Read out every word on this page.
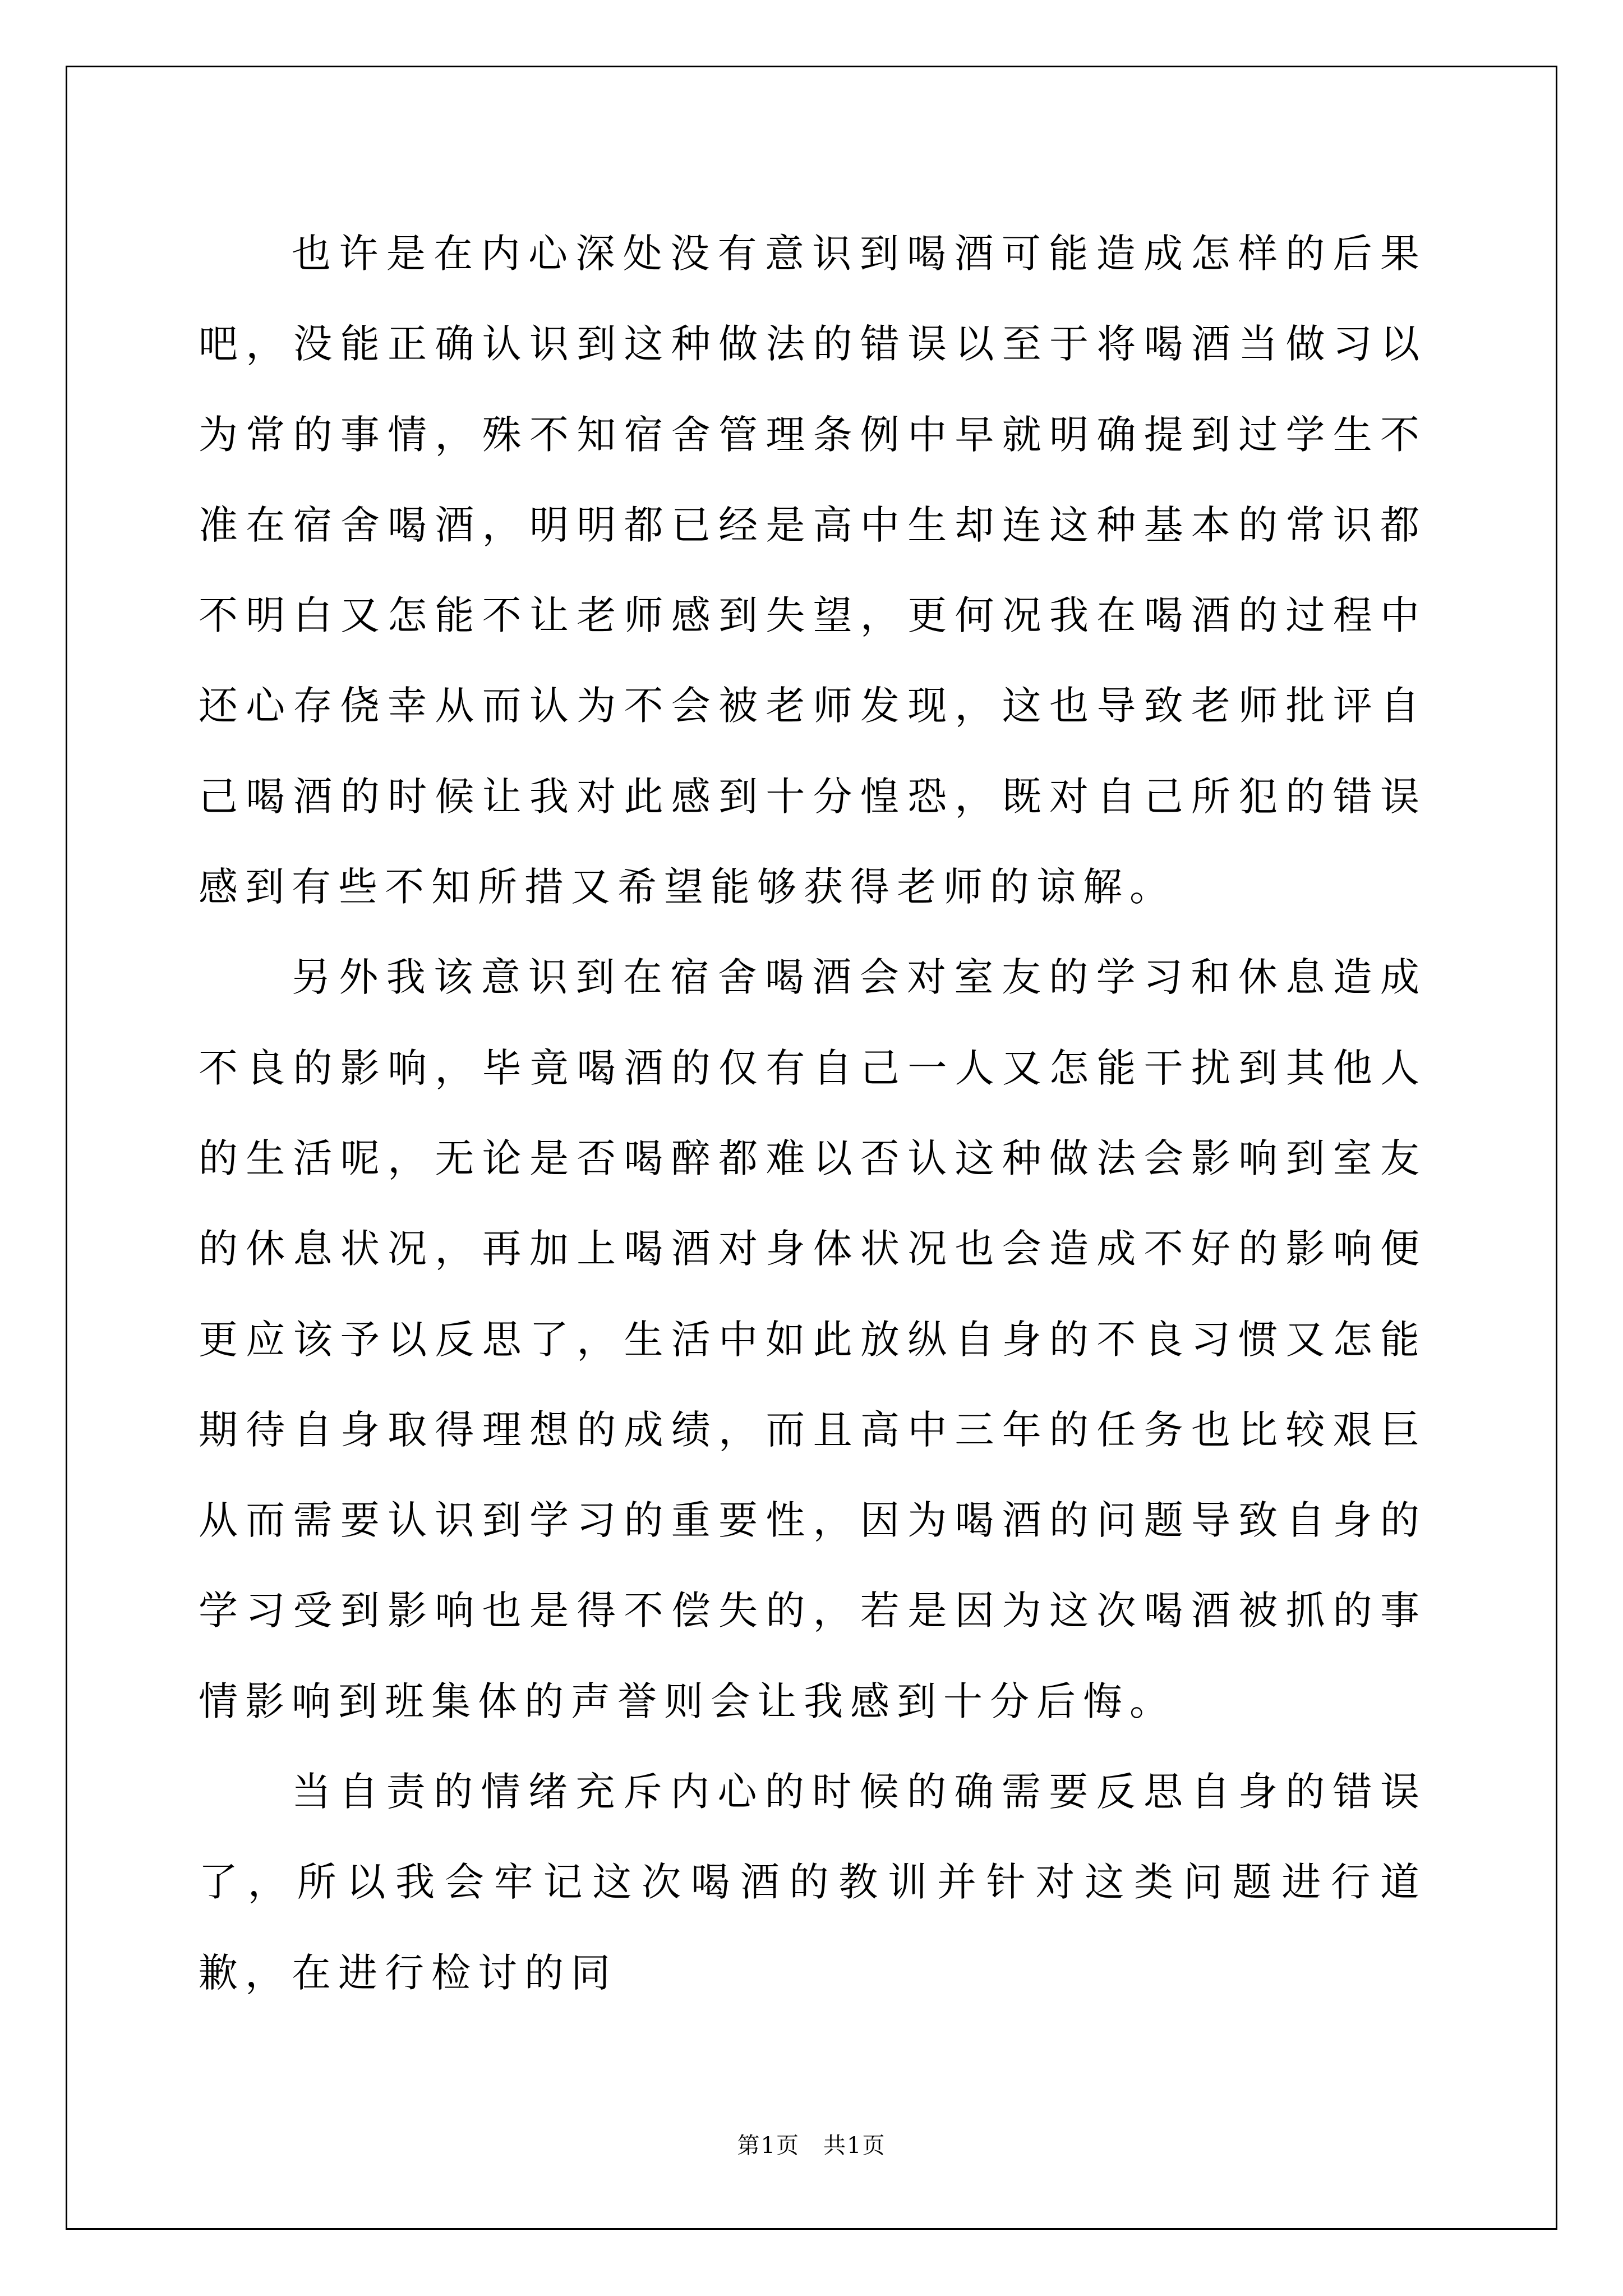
也许是在内心深处没有意识到喝酒可能造成怎样的后果吧，没能正确认识到这种做法的错误以至于将喝酒当做习以为常的事情，殊不知宿舍管理条例中早就明确提到过学生不准在宿舍喝酒，明明都已经是高中生却连这种基本的常识都不明白又怎能不让老师感到失望，更何况我在喝酒的过程中还心存侥幸从而认为不会被老师发现，这也导致老师批评自己喝酒的时候让我对此感到十分惶恐，既对自己所犯的错误感到有些不知所措又希望能够获得老师的谅解。

另外我该意识到在宿舍喝酒会对室友的学习和休息造成不良的影响，毕竟喝酒的仅有自己一人又怎能干扰到其他人的生活呢，无论是否喝醉都难以否认这种做法会影响到室友的休息状况，再加上喝酒对身体状况也会造成不好的影响便更应该予以反思了，生活中如此放纵自身的不良习惯又怎能期待自身取得理想的成绩，而且高中三年的任务也比较艰巨从而需要认识到学习的重要性，因为喝酒的问题导致自身的学习受到影响也是得不偿失的，若是因为这次喝酒被抓的事情影响到班集体的声誉则会让我感到十分后悔。

当自责的情绪充斥内心的时候的确需要反思自身的错误了，所以我会牢记这次喝酒的教训并针对这类问题进行道歉，在进行检讨的同

第1页　共1页
